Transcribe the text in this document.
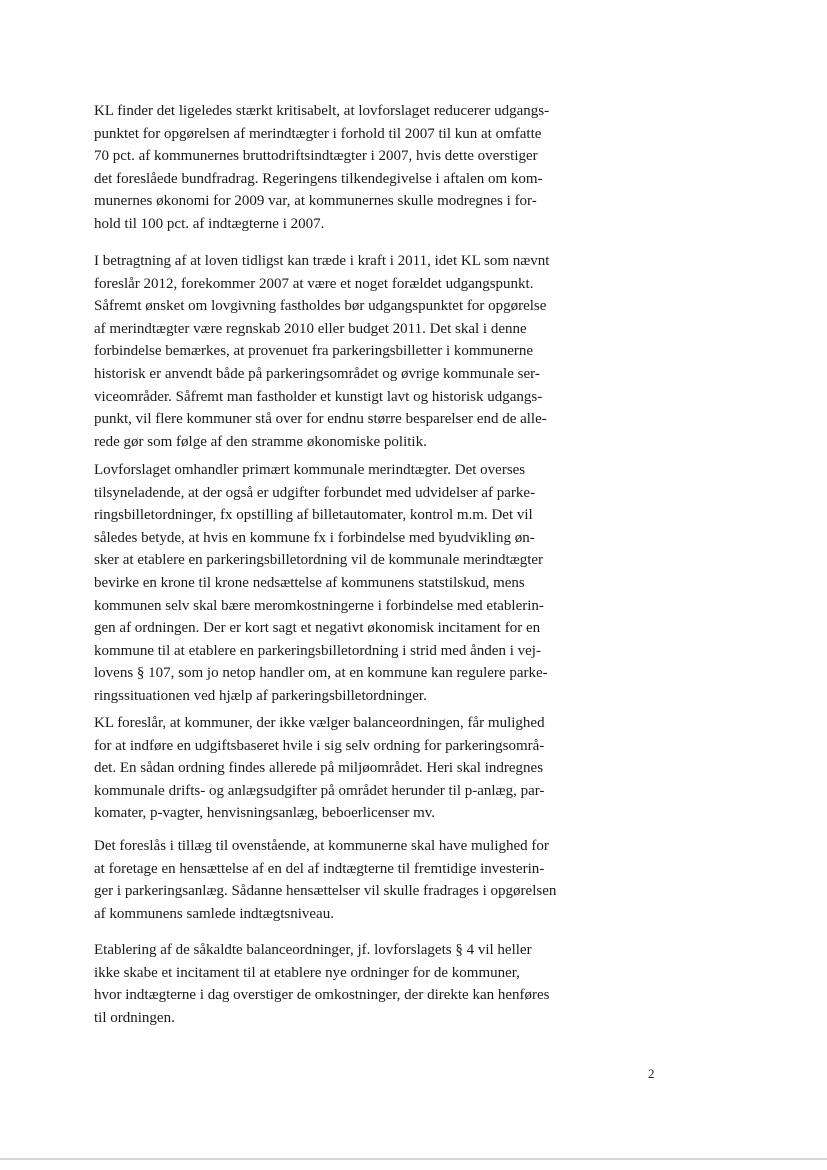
KL finder det ligeledes stærkt kritisabelt, at lovforslaget reducerer udgangs-
punktet for opgørelsen af merindtægter i forhold til 2007 til kun at omfatte
70 pct. af kommunernes bruttodriftsindtægter i 2007, hvis dette overstiger
det foreslåede bundfradrag. Regeringens tilkendegivelse i aftalen om kom-
munernes økonomi for 2009 var, at kommunernes skulle modregnes i for-
hold til 100 pct. af indtægterne i 2007.
I betragtning af at loven tidligst kan træde i kraft i 2011, idet KL som nævnt
foreslår 2012, forekommer 2007 at være et noget forældet udgangspunkt.
Såfremt ønsket om lovgivning fastholdes bør udgangspunktet for opgørelse
af merindtægter være regnskab 2010 eller budget 2011. Det skal i denne
forbindelse bemærkes, at provenuet fra parkeringsbilletter i kommunerne
historisk er anvendt både på parkeringsområdet og øvrige kommunale ser-
viceområder. Såfremt man fastholder et kunstigt lavt og historisk udgangs-
punkt, vil flere kommuner stå over for endnu større besparelser end de alle-
rede gør som følge af den stramme økonomiske politik.
Lovforslaget omhandler primært kommunale merindtægter. Det overses
tilsyneladende, at der også er udgifter forbundet med udvidelser af parke-
ringsbilletordninger, fx opstilling af billetautomater, kontrol m.m. Det vil
således betyde, at hvis en kommune fx i forbindelse med byudvikling øn-
sker at etablere en parkeringsbilletordning vil de kommunale merindtægter
bevirke en krone til krone nedsættelse af kommunens statstilskud, mens
kommunen selv skal bære meromkostningerne i forbindelse med etablerin-
gen af ordningen. Der er kort sagt et negativt økonomisk incitament for en
kommune til at etablere en parkeringsbilletordning i strid med ånden i vej-
lovens § 107, som jo netop handler om, at en kommune kan regulere parke-
ringssituationen ved hjælp af parkeringsbilletordninger.
KL foreslår, at kommuner, der ikke vælger balanceordningen, får mulighed
for at indføre en udgiftsbaseret hvile i sig selv ordning for parkeringsområ-
det. En sådan ordning findes allerede på miljøområdet. Heri skal indregnes
kommunale drifts- og anlægsudgifter på området herunder til p-anlæg, par-
komater, p-vagter, henvisningsanlæg, beboerlicenser mv.
Det foreslås i tillæg til ovenstående, at kommunerne skal have mulighed for
at foretage en hensættelse af en del af indtægterne til fremtidige investerin-
ger i parkeringsanlæg. Sådanne hensættelser vil skulle fradrages i opgørelsen
af kommunens samlede indtægtsniveau.
Etablering af de såkaldte balanceordninger, jf. lovforslagets § 4 vil heller
ikke skabe et incitament til at etablere nye ordninger for de kommuner,
hvor indtægterne i dag overstiger de omkostninger, der direkte kan henføres
til ordningen.
2
